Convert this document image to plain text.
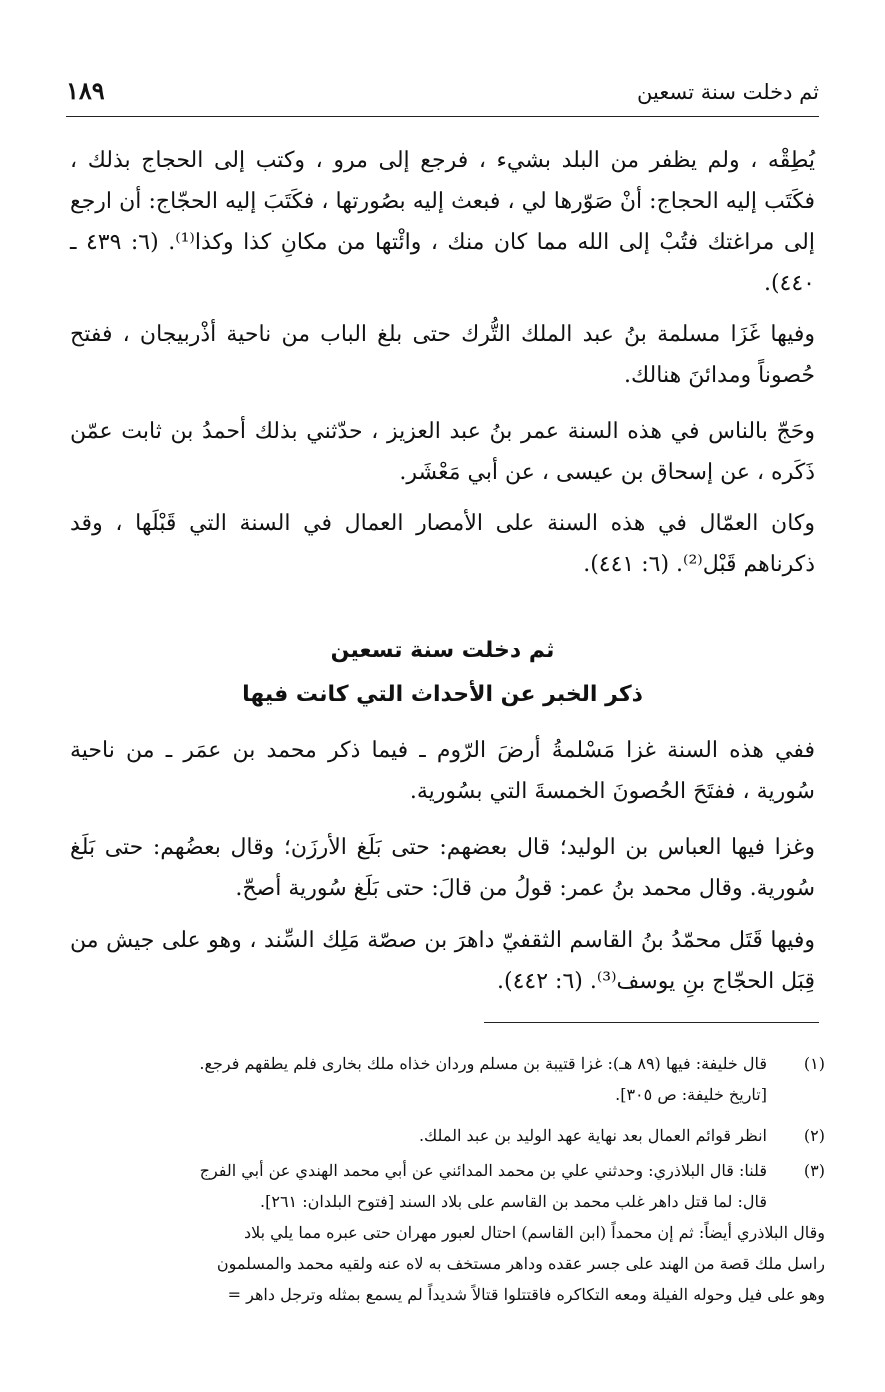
ثم دخلت سنة تسعين
١٨٩

يُطِقْه ، ولم يظفر من البلد بشيء ، فرجع إلى مرو ، وكتب إلى الحجاج بذلك ، فكَتَب إليه الحجاج: أنْ صَوّرها لي ، فبعث إليه بصُورتها ، فكَتَبَ إليه الحجّاج: أن ارجع إلى مراغتك فتُبْ إلى الله مما كان منك ، وائْتها من مكانِ كذا وكذا⁽¹⁾. (٦: ٤٣٩ ـ ٤٤٠).

وفيها غَزَا مسلمة بنُ عبد الملك التُّرك حتى بلغ الباب من ناحية أذْربيجان ، ففتح حُصوناً ومدائنَ هنالك.

وحَجّ بالناس في هذه السنة عمر بنُ عبد العزيز ، حدّثني بذلك أحمدُ بن ثابت عمّن ذَكَره ، عن إسحاق بن عيسى ، عن أبي مَعْشَر.

وكان العمّال في هذه السنة على الأمصار العمال في السنة التي قَبْلَها ، وقد ذكرناهم قَبْل⁽²⁾. (٦: ٤٤١).

ثم دخلت سنة تسعين
ذكر الخبر عن الأحداث التي كانت فيها

ففي هذه السنة غزا مَسْلمةُ أرضَ الرّوم ـ فيما ذكر محمد بن عمَر ـ من ناحية سُورية ، ففتَحَ الحُصونَ الخمسةَ التي بسُورية.

وغزا فيها العباس بن الوليد؛ قال بعضهم: حتى بَلَغ الأرزَن؛ وقال بعضُهم: حتى بَلَغ سُورية. وقال محمد بنُ عمر: قولُ من قالَ: حتى بَلَغ سُورية أصحّ.

وفيها قَتَل محمّدُ بنُ القاسم الثقفيّ داهرَ بن صصّة مَلِك السِّند ، وهو على جيش من قِبَل الحجّاج بنِ يوسف⁽³⁾. (٦: ٤٤٢).

(١)قال خليفة: فيها (٨٩ هـ): غزا قتيبة بن مسلم وردان خذاه ملك بخارى فلم يطقهم فرجع.
[تاريخ خليفة: ص ٣٠٥].

(٢)انظر قوائم العمال بعد نهاية عهد الوليد بن عبد الملك.

(٣)قلنا: قال البلاذري: وحدثني علي بن محمد المدائني عن أبي محمد الهندي عن أبي الفرج
قال: لما قتل داهر غلب محمد بن القاسم على بلاد السند [فتوح البلدان: ٢٦١].
وقال البلاذري أيضاً: ثم إن محمداً (ابن القاسم) احتال لعبور مهران حتى عبره مما يلي بلاد
راسل ملك قصة من الهند على جسر عقده وداهر مستخف به لاه عنه ولقيه محمد والمسلمون
وهو على فيل وحوله الفيلة ومعه التكاكره فاقتتلوا قتالاً شديداً لم يسمع بمثله وترجل داهر =
